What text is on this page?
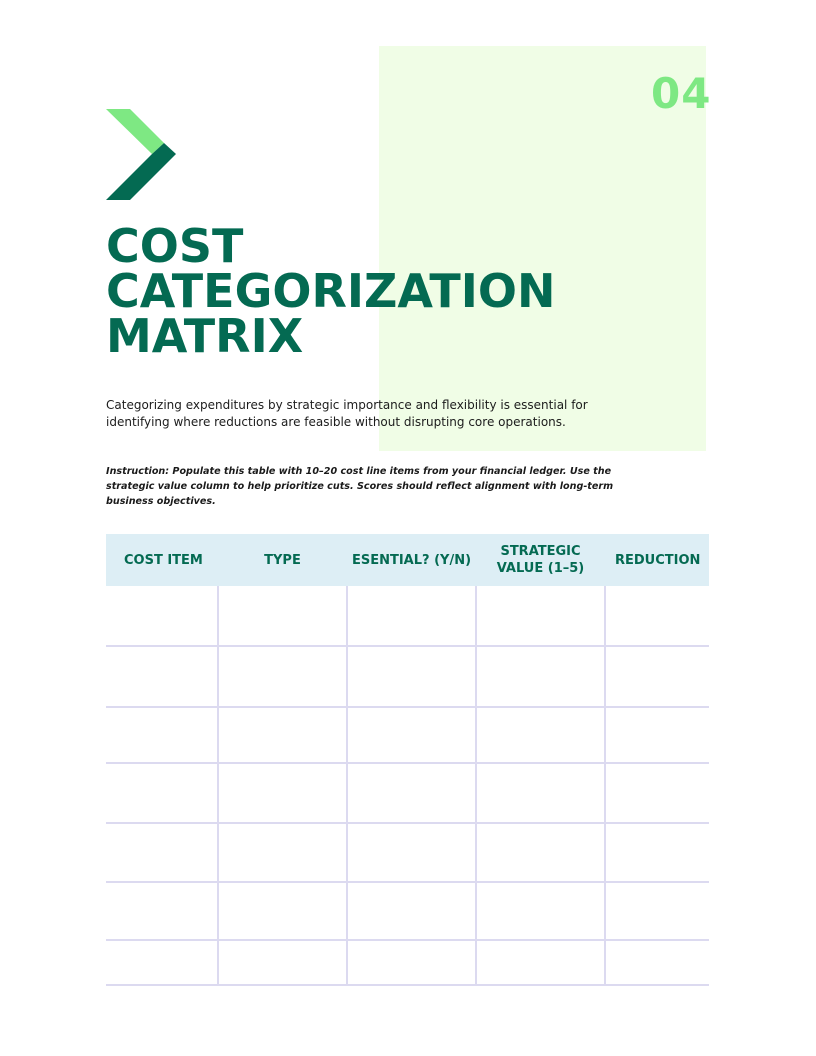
04
COST
CATEGORIZATION
MATRIX

Categorizing expenditures by strategic importance and flexibility is essential for identifying where reductions are feasible without disrupting core operations.

Instruction: Populate this table with 10–20 cost line items from your financial ledger. Use the strategic value column to help prioritize cuts. Scores should reflect alignment with long-term business objectives.

COST ITEM	TYPE	ESENTIAL? (Y/N)	STRATEGIC VALUE (1–5)	REDUCTION
